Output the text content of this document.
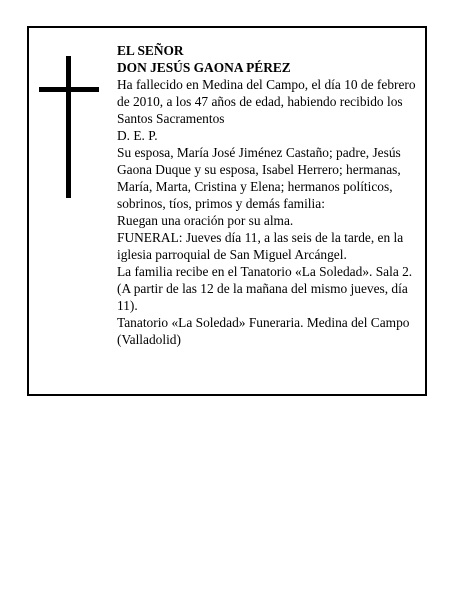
EL SEÑOR

DON JESÚS GAONA PÉREZ

Ha fallecido en Medina del Campo, el día 10 de febrero de 2010, a los 47 años de edad, habiendo recibido los Santos Sacramentos

D. E. P.

Su esposa, María José Jiménez Castaño; padre, Jesús Gaona Duque y su esposa, Isabel Herrero; hermanas, María, Marta, Cristina y Elena; hermanos políticos, sobrinos, tíos, primos y demás familia:

Ruegan una oración por su alma.

FUNERAL: Jueves día 11, a las seis de la tarde, en la iglesia parroquial de San Miguel Arcángel.

La familia recibe en el Tanatorio «La Soledad». Sala 2. (A partir de las 12 de la mañana del mismo jueves, día 11).

Tanatorio «La Soledad» Funeraria. Medina del Campo (Valladolid)
